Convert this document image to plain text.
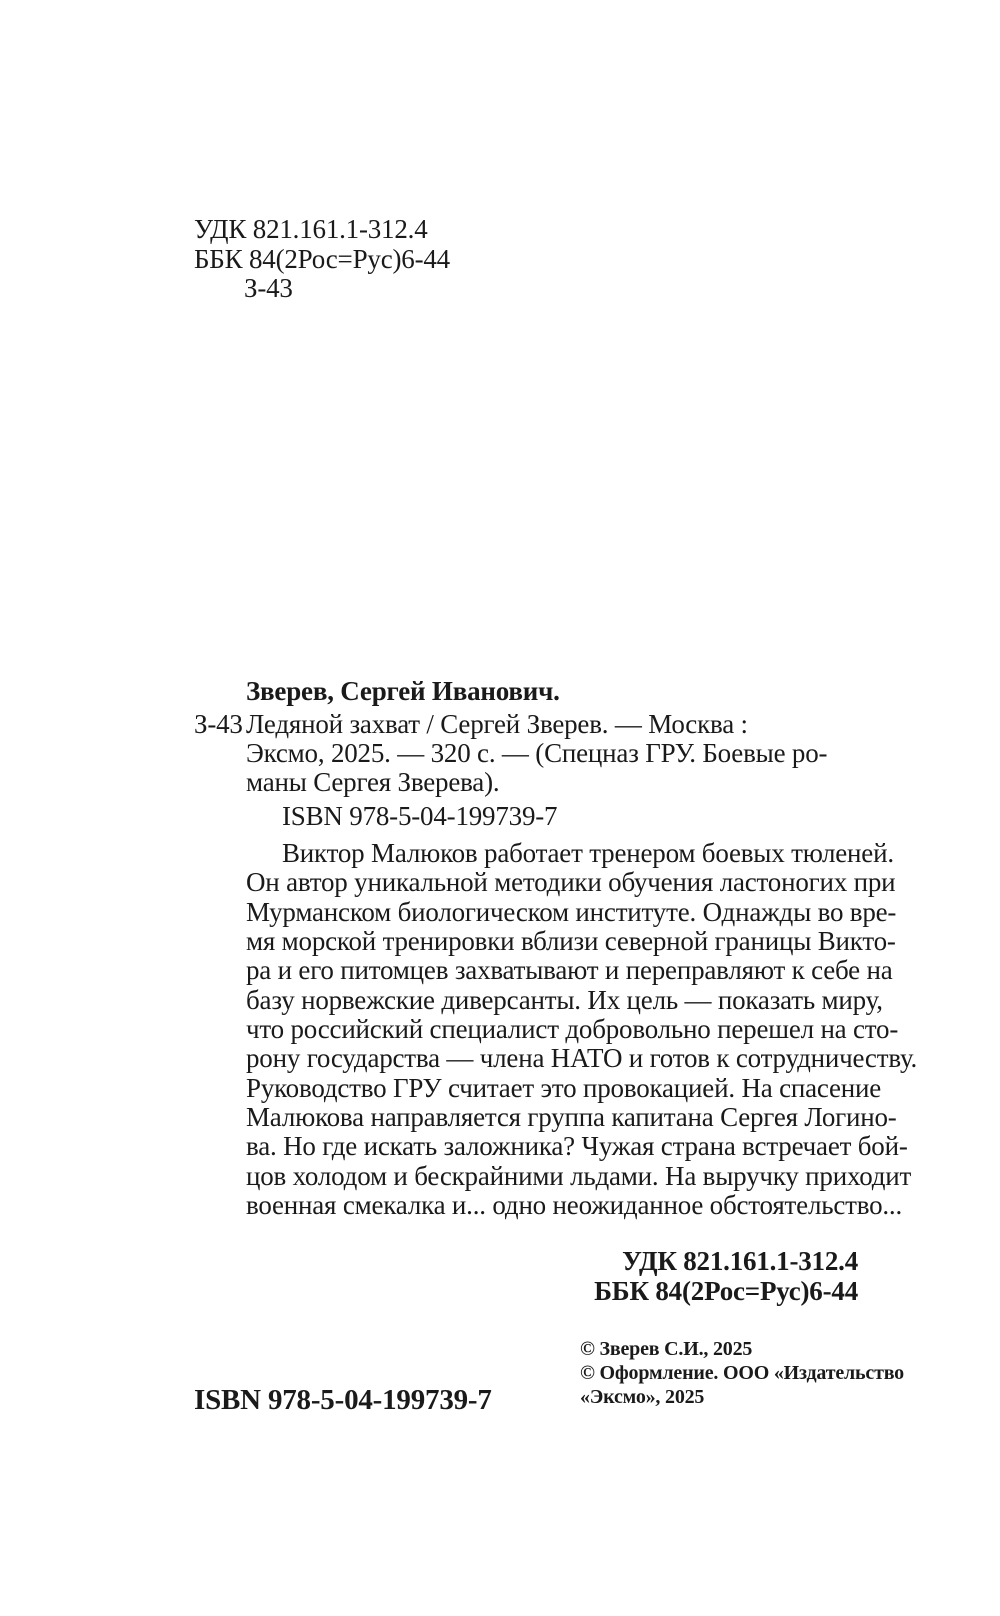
УДК 821.161.1-312.4
ББК 84(2Рос=Рус)6-44
З-43
Зверев, Сергей Иванович.
З-43 Ледяной захват / Сергей Зверев. — Москва :
Эксмо, 2025. — 320 с. — (Спецназ ГРУ. Боевые ро-
маны Сергея Зверева).
ISBN 978-5-04-199739-7
Виктор Малюков работает тренером боевых тюленей.
Он автор уникальной методики обучения ластоногих при
Мурманском биологическом институте. Однажды во вре-
мя морской тренировки вблизи северной границы Викто-
ра и его питомцев захватывают и переправляют к себе на
базу норвежские диверсанты. Их цель — показать миру,
что российский специалист добровольно перешел на сто-
рону государства — члена НАТО и готов к сотрудничеству.
Руководство ГРУ считает это провокацией. На спасение
Малюкова направляется группа капитана Сергея Логино-
ва. Но где искать заложника? Чужая страна встречает бой-
цов холодом и бескрайними льдами. На выручку приходит
военная смекалка и... одно неожиданное обстоятельство...
УДК 821.161.1-312.4
ББК 84(2Рос=Рус)6-44
ISBN 978-5-04-199739-7
© Зверев С.И., 2025
© Оформление. ООО «Издательство
«Эксмо», 2025
